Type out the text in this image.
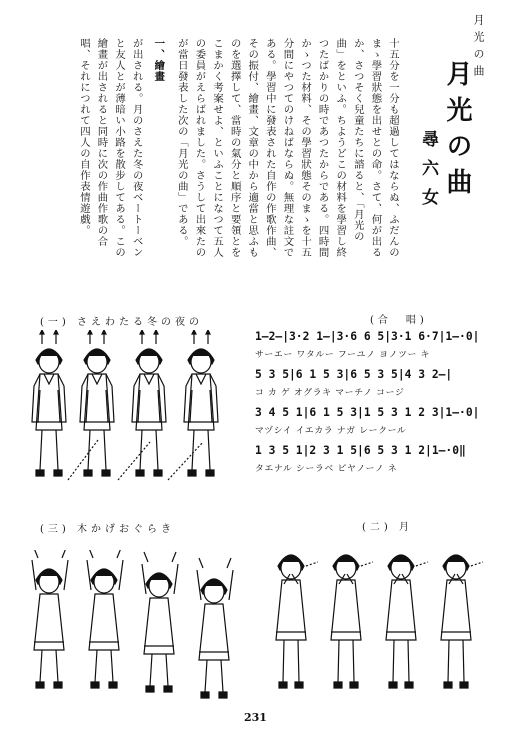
月光の曲
月光の曲
尋六女

十五分を一分も超過してはならぬ、ふだんのまゝ學習狀態を出せとの命。さて、何が出るか、さつそく兒童たちに諮ると、「月光の曲」をといふ。ちようどこの材料を學習し終つたばかりの時であつたからである。四時間かゝつた材料、その學習狀態そのまゝを十五分間にやつてのけねばならぬ。無理な註文である。學習中に發表された自作の作歌作曲、その振付、繪畫、文章の中から適當と思ふものを選擇して、當時の氣分と順序と要領とをこまかく考案せよ、といふことになつて五人の委員がえらばれました。さうして出來たのが當日發表した次の「月光の曲」である。

一、繪畫

が出される。月のさえた冬の夜ベートーベンと友人とが薄暗い小路を散步してある。この繪畫が出されると同時に次の作曲作歌の合唱、それにつれて四人の自作表情遊戲。

(一) さえわたる冬の夜の
(二) 月
(三) 木かげおぐらき
(合　唱)
1―2―|3·2 1―|3·6 6 5|3·1 6·7|1―·0|
サーエー ワタルー フーユノ ヨノツー キ
5 3 5|6 1 5 3|6 5 3 5|4 3 2―|
コ カ ゲ オグラキ マーチノ コージ
3 4 5 1|6 1 5 3|1 5 3 1 2 3|1―·0|
マヅシイ イエカラ ナガ レークール
1 3 5 1|2 3 1 5|6 5 3 1 2|1―·0‖
タエナル シーラベ ピヤノーノ ネ
231
